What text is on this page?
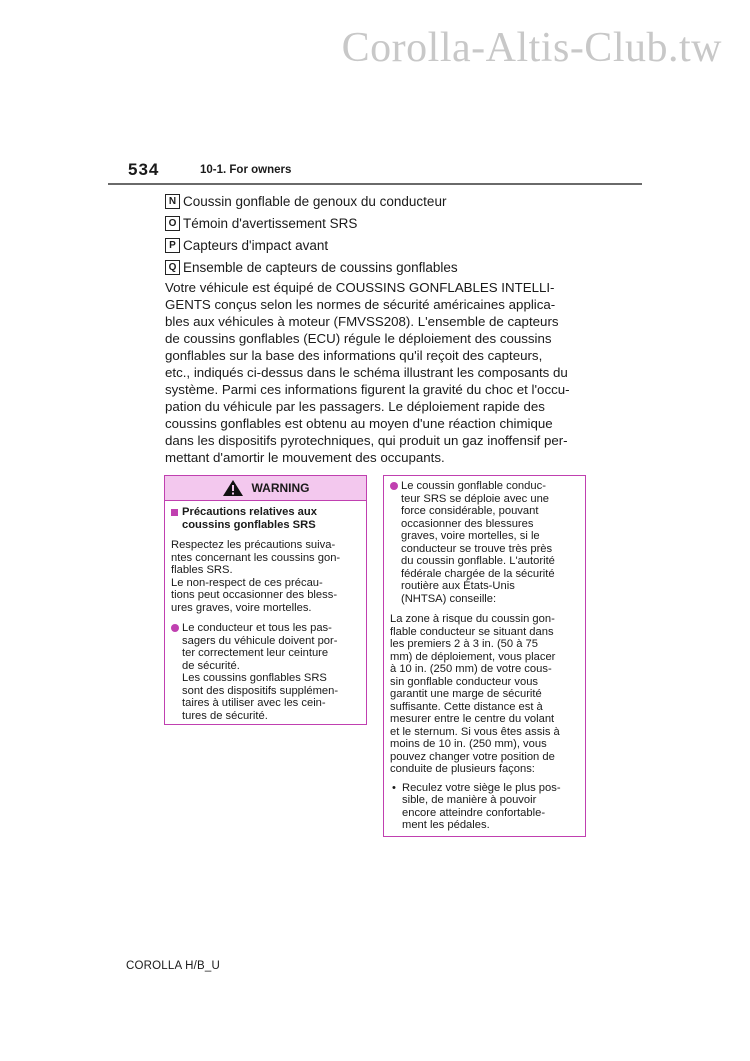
Corolla-Altis-Club.tw
534	10-1. For owners
N Coussin gonflable de genoux du conducteur
O Témoin d'avertissement SRS
P Capteurs d'impact avant
Q Ensemble de capteurs de coussins gonflables
Votre véhicule est équipé de COUSSINS GONFLABLES INTELLI-
GENTS conçus selon les normes de sécurité américaines applica-
bles aux véhicules à moteur (FMVSS208). L'ensemble de capteurs
de coussins gonflables (ECU) régule le déploiement des coussins
gonflables sur la base des informations qu'il reçoit des capteurs,
etc., indiqués ci-dessus dans le schéma illustrant les composants du
système. Parmi ces informations figurent la gravité du choc et l'occu-
pation du véhicule par les passagers. Le déploiement rapide des
coussins gonflables est obtenu au moyen d'une réaction chimique
dans les dispositifs pyrotechniques, qui produit un gaz inoffensif per-
mettant d'amortir le mouvement des occupants.
WARNING
Précautions relatives aux
coussins gonflables SRS
Respectez les précautions suiva-
ntes concernant les coussins gon-
flables SRS.
Le non-respect de ces précau-
tions peut occasionner des bless-
ures graves, voire mortelles.
Le conducteur et tous les pas-
sagers du véhicule doivent por-
ter correctement leur ceinture
de sécurité.
Les coussins gonflables SRS
sont des dispositifs supplémen-
taires à utiliser avec les cein-
tures de sécurité.
Le coussin gonflable conduc-
teur SRS se déploie avec une
force considérable, pouvant
occasionner des blessures
graves, voire mortelles, si le
conducteur se trouve très près
du coussin gonflable. L'autorité
fédérale chargée de la sécurité
routière aux États-Unis
(NHTSA) conseille:
La zone à risque du coussin gon-
flable conducteur se situant dans
les premiers 2 à 3 in. (50 à 75
mm) de déploiement, vous placer
à 10 in. (250 mm) de votre cous-
sin gonflable conducteur vous
garantit une marge de sécurité
suffisante. Cette distance est à
mesurer entre le centre du volant
et le sternum. Si vous êtes assis à
moins de 10 in. (250 mm), vous
pouvez changer votre position de
conduite de plusieurs façons:
• Reculez votre siège le plus pos-
sible, de manière à pouvoir
encore atteindre confortable-
ment les pédales.
COROLLA H/B_U
